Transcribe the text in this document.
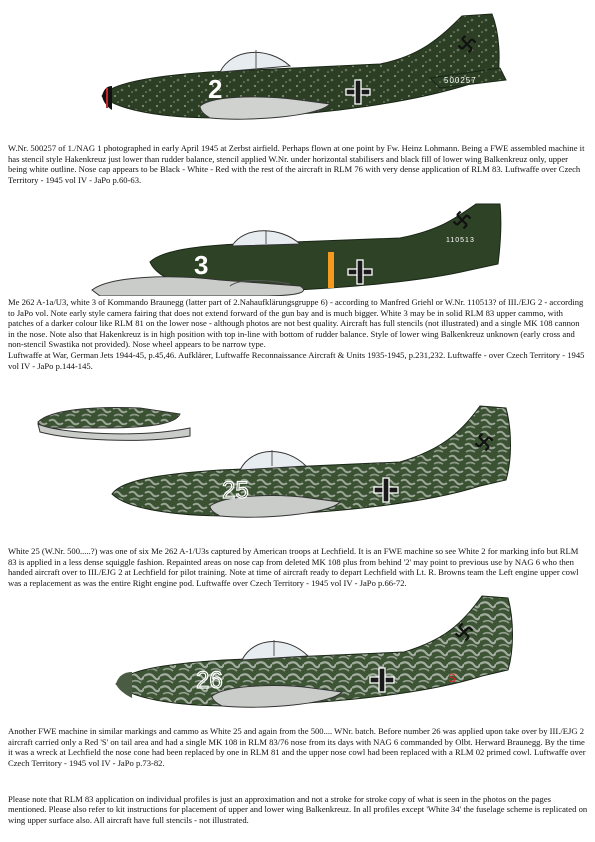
2	500257

W.Nr. 500257 of 1./NAG 1 photographed in early April 1945 at Zerbst airfield. Perhaps flown at one point by Fw. Heinz Lohmann. Being a FWE assembled machine it has stencil style Hakenkreuz just lower than rudder balance, stencil applied W.Nr. under horizontal stabilisers and black fill of lower wing Balkenkreuz only, upper being white outline. Nose cap appears to be Black - White - Red with the rest of the aircraft in RLM 76 with very dense application of RLM 83. Luftwaffe over Czech Territory - 1945 vol IV - JaPo p.60-63.

3
110513

Me 262 A-1a/U3, white 3 of Kommando Braunegg (latter part of 2.Nahaufklärungsgruppe 6) - according to Manfred Griehl or W.Nr. 110513? of III./EJG 2 - according to JaPo vol. Note early style camera fairing that does not extend forward of the gun bay and is much bigger. White 3 may be in solid RLM 83 upper cammo, with patches of a darker colour like RLM 81 on the lower nose - although photos are not best quality. Aircraft has full stencils (not illustrated) and a single MK 108 cannon in the nose. Note also that Hakenkreuz is in high position with top in-line with bottom of rudder balance. Style of lower wing Balkenkreuz unknown (early cross and non-stencil Swastika not provided). Nose wheel appears to be narrow type.

Luftwaffe at War, German Jets 1944-45, p.45,46. Aufklärer, Luftwaffe Reconnaissance Aircraft & Units 1935-1945, p.231,232. Luftwaffe - over Czech Territory - 1945 vol IV - JaPo p.144-145.

25

White 25 (W.Nr. 500.....?) was one of six Me 262 A-1/U3s captured by American troops at Lechfield. It is an FWE machine so see White 2 for marking info but RLM 83 is applied in a less dense squiggle fashion. Repainted areas on nose cap from deleted MK 108 plus from behind '2' may point to previous use by NAG 6 who then handed aircraft over to III./EJG 2 at Lechfield for pilot training. Note at time of aircraft ready to depart Lechfield with Lt. R. Browns team the Left engine upper cowl was a replacement as was the entire Right engine pod. Luftwaffe over Czech Territory - 1945 vol IV - JaPo p.66-72.

26	S

Another FWE machine in similar markings and cammo as White 25 and again from the 500.... WNr. batch. Before number 26 was applied upon take over by III./EJG 2 aircraft carried only a Red 'S' on tail area and had a single MK 108 in RLM 83/76 nose from its days with NAG 6 commanded by Olbt. Herward Braunegg. By the time it was a wreck at Lechfield the nose cone had been replaced by one in RLM 81 and the upper nose cowl had been replaced with a RLM 02 primed cowl. Luftwaffe over Czech Territory - 1945 vol IV - JaPo p.73-82.

Please note that RLM 83 application on individual profiles is just an approximation and not a stroke for stroke copy of what is seen in the photos on the pages mentioned. Please also refer to kit instructions for placement of upper and lower wing Balkenkreuz. In all profiles except 'White 34' the fuselage scheme is replicated on wing upper surface also. All aircraft have full stencils - not illustrated.
